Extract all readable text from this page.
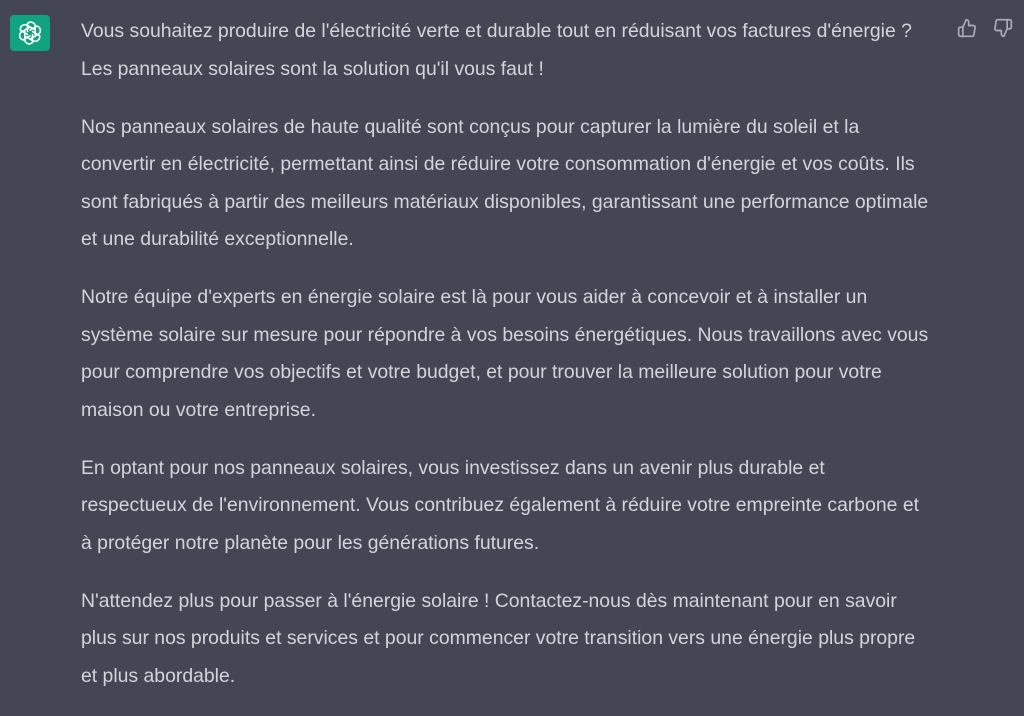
Vous souhaitez produire de l'électricité verte et durable tout en réduisant vos factures d'énergie ? Les panneaux solaires sont la solution qu'il vous faut !

Nos panneaux solaires de haute qualité sont conçus pour capturer la lumière du soleil et la convertir en électricité, permettant ainsi de réduire votre consommation d'énergie et vos coûts. Ils sont fabriqués à partir des meilleurs matériaux disponibles, garantissant une performance optimale et une durabilité exceptionnelle.

Notre équipe d'experts en énergie solaire est là pour vous aider à concevoir et à installer un système solaire sur mesure pour répondre à vos besoins énergétiques. Nous travaillons avec vous pour comprendre vos objectifs et votre budget, et pour trouver la meilleure solution pour votre maison ou votre entreprise.

En optant pour nos panneaux solaires, vous investissez dans un avenir plus durable et respectueux de l'environnement. Vous contribuez également à réduire votre empreinte carbone et à protéger notre planète pour les générations futures.

N'attendez plus pour passer à l'énergie solaire ! Contactez-nous dès maintenant pour en savoir plus sur nos produits et services et pour commencer votre transition vers une énergie plus propre et plus abordable.
